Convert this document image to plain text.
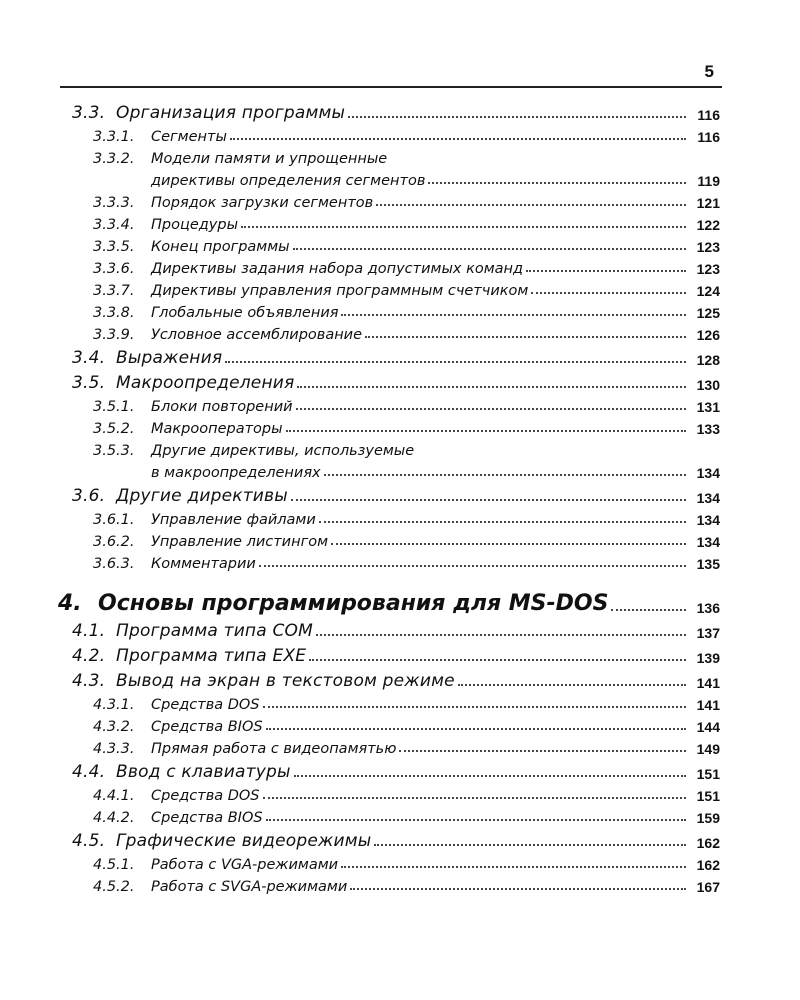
5
3.3. Организация программы	116
3.3.1. Сегменты	116
3.3.2. Модели памяти и упрощенные
директивы определения сегментов	119
3.3.3. Порядок загрузки сегментов	121
3.3.4. Процедуры	122
3.3.5. Конец программы	123
3.3.6. Директивы задания набора допустимых команд	123
3.3.7. Директивы управления программным счетчиком	124
3.3.8. Глобальные объявления	125
3.3.9. Условное ассемблирование	126
3.4. Выражения	128
3.5. Макроопределения	130
3.5.1. Блоки повторений	131
3.5.2. Макрооператоры	133
3.5.3. Другие директивы, используемые
в макроопределениях	134
3.6. Другие директивы	134
3.6.1. Управление файлами	134
3.6.2. Управление листингом	134
3.6.3. Комментарии	135
4. Основы программирования для MS-DOS	136
4.1. Программа типа COM	137
4.2. Программа типа EXE	139
4.3. Вывод на экран в текстовом режиме	141
4.3.1. Средства DOS	141
4.3.2. Средства BIOS	144
4.3.3. Прямая работа с видеопамятью	149
4.4. Ввод с клавиатуры	151
4.4.1. Средства DOS	151
4.4.2. Средства BIOS	159
4.5. Графические видеорежимы	162
4.5.1. Работа с VGA-режимами	162
4.5.2. Работа с SVGA-режимами	167
